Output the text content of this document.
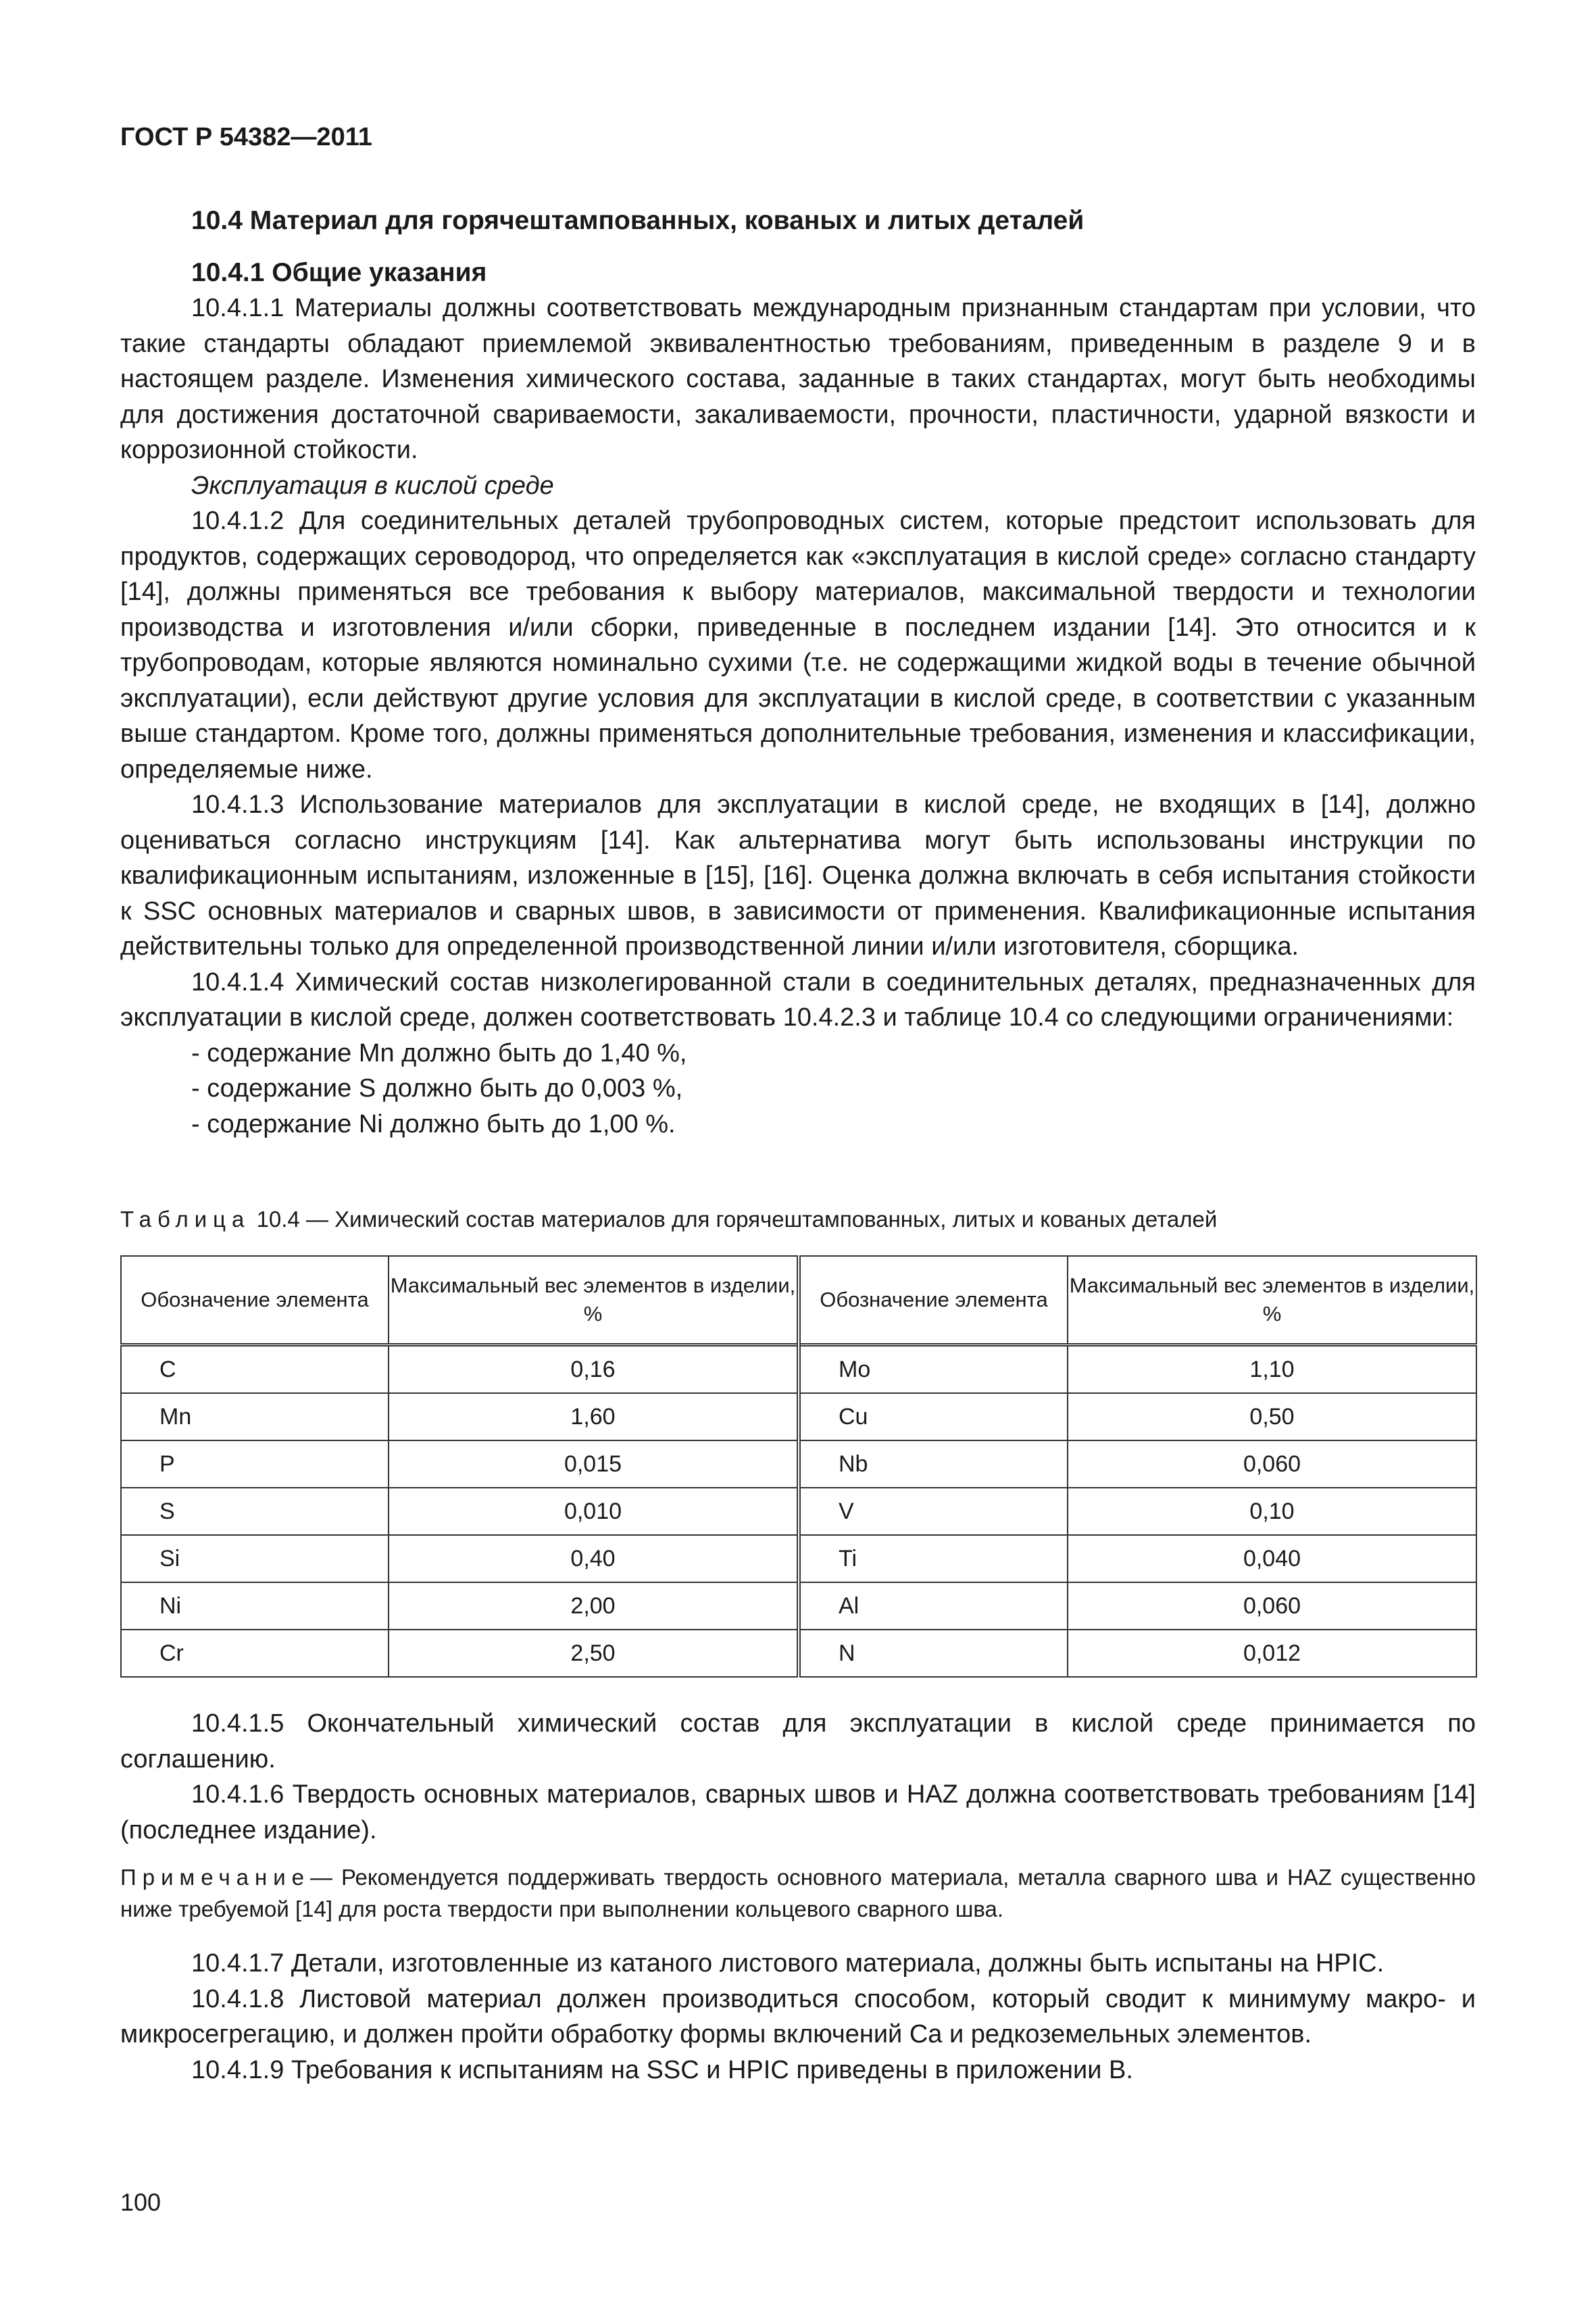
ГОСТ Р 54382—2011
10.4 Материал для горячештампованных, кованых и литых деталей
10.4.1 Общие указания

10.4.1.1 Материалы должны соответствовать международным признанным стандартам при условии, что такие стандарты обладают приемлемой эквивалентностью требованиям, приведенным в разделе 9 и в настоящем разделе. Изменения химического состава, заданные в таких стандартах, могут быть необходимы для достижения достаточной свариваемости, закаливаемости, прочности, пластичности, ударной вязкости и коррозионной стойкости.

Эксплуатация в кислой среде

10.4.1.2 Для соединительных деталей трубопроводных систем, которые предстоит использовать для продуктов, содержащих сероводород, что определяется как «эксплуатация в кислой среде» согласно стандарту [14], должны применяться все требования к выбору материалов, максимальной твердости и технологии производства и изготовления и/или сборки, приведенные в последнем издании [14]. Это относится и к трубопроводам, которые являются номинально сухими (т.е. не содержащими жидкой воды в течение обычной эксплуатации), если действуют другие условия для эксплуатации в кислой среде, в соответствии с указанным выше стандартом. Кроме того, должны применяться дополнительные требования, изменения и классификации, определяемые ниже.

10.4.1.3 Использование материалов для эксплуатации в кислой среде, не входящих в [14], должно оцениваться согласно инструкциям [14]. Как альтернатива могут быть использованы инструкции по квалификационным испытаниям, изложенные в [15], [16]. Оценка должна включать в себя испытания стойкости к SSC основных материалов и сварных швов, в зависимости от применения. Квалификационные испытания действительны только для определенной производственной линии и/или изготовителя, сборщика.

10.4.1.4 Химический состав низколегированной стали в соединительных деталях, предназначенных для эксплуатации в кислой среде, должен соответствовать 10.4.2.3 и таблице 10.4 со следующими ограничениями:

- содержание Mn должно быть до 1,40 %,

- содержание S должно быть до 0,003 %,

- содержание Ni должно быть до 1,00 %.

Таблица 10.4 — Химический состав материалов для горячештампованных, литых и кованых деталей
Обозначение элемента	Максимальный вес элементов в изделии, %	Обозначение элемента	Максимальный вес элементов в изделии, %
C	0,16	Mo	1,10
Mn	1,60	Cu	0,50
P	0,015	Nb	0,060
S	0,010	V	0,10
Si	0,40	Ti	0,040
Ni	2,00	Al	0,060
Cr	2,50	N	0,012

10.4.1.5 Окончательный химический состав для эксплуатации в кислой среде принимается по соглашению.

10.4.1.6 Твердость основных материалов, сварных швов и HAZ должна соответствовать требованиям [14] (последнее издание).

Примечание— Рекомендуется поддерживать твердость основного материала, металла сварного шва и HAZ существенно ниже требуемой [14] для роста твердости при выполнении кольцевого сварного шва.

10.4.1.7 Детали, изготовленные из катаного листового материала, должны быть испытаны на HPIC.

10.4.1.8 Листовой материал должен производиться способом, который сводит к минимуму макро- и микросегрегацию, и должен пройти обработку формы включений Ca и редкоземельных элементов.

10.4.1.9 Требования к испытаниям на SSC и HPIC приведены в приложении В.

100
